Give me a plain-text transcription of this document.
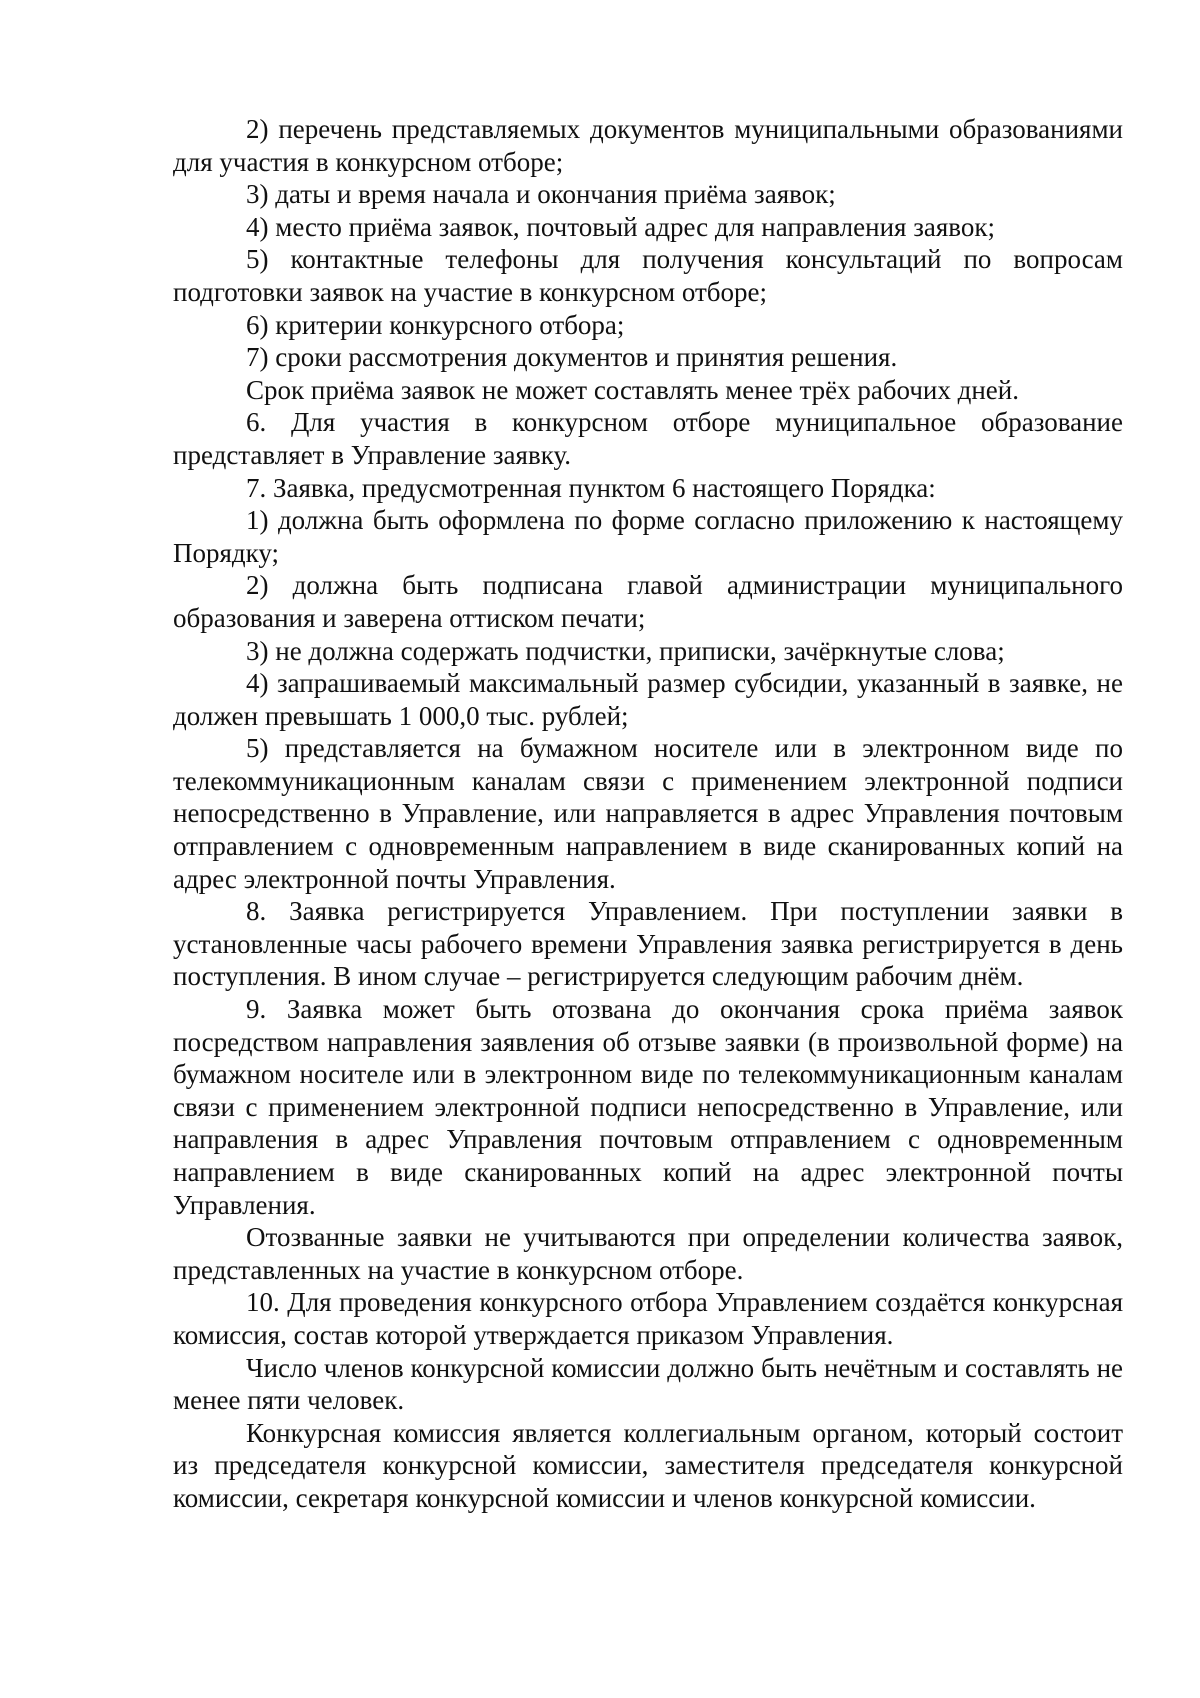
2) перечень представляемых документов муниципальными образованиями для участия в конкурсном отборе;

3) даты и время начала и окончания приёма заявок;

4) место приёма заявок, почтовый адрес для направления заявок;

5) контактные телефоны для получения консультаций по вопросам подготовки заявок на участие в конкурсном отборе;

6) критерии конкурсного отбора;

7) сроки рассмотрения документов и принятия решения.

Срок приёма заявок не может составлять менее трёх рабочих дней.

6. Для участия в конкурсном отборе муниципальное образование представляет в Управление заявку.

7. Заявка, предусмотренная пунктом 6 настоящего Порядка:

1) должна быть оформлена по форме согласно приложению к настоящему Порядку;

2) должна быть подписана главой администрации муниципального образования и заверена оттиском печати;

3) не должна содержать подчистки, приписки, зачёркнутые слова;

4) запрашиваемый максимальный размер субсидии, указанный в заявке, не должен превышать 1 000,0 тыс. рублей;

5) представляется на бумажном носителе или в электронном виде по телекоммуникационным каналам связи с применением электронной подписи непосредственно в Управление, или направляется в адрес Управления почтовым отправлением с одновременным направлением в виде сканированных копий на адрес электронной почты Управления.

8. Заявка регистрируется Управлением. При поступлении заявки в установленные часы рабочего времени Управления заявка регистрируется в день поступления. В ином случае – регистрируется следующим рабочим днём.

9. Заявка может быть отозвана до окончания срока приёма заявок посредством направления заявления об отзыве заявки (в произвольной форме) на бумажном носителе или в электронном виде по телекоммуникационным каналам связи с применением электронной подписи непосредственно в Управление, или направления в адрес Управления почтовым отправлением с одновременным направлением в виде сканированных копий на адрес электронной почты Управления.

Отозванные заявки не учитываются при определении количества заявок, представленных на участие в конкурсном отборе.

10. Для проведения конкурсного отбора Управлением создаётся конкурсная комиссия, состав которой утверждается приказом Управления.

Число членов конкурсной комиссии должно быть нечётным и составлять не менее пяти человек.

Конкурсная комиссия является коллегиальным органом, который состоит из председателя конкурсной комиссии, заместителя председателя конкурсной комиссии, секретаря конкурсной комиссии и членов конкурсной комиссии.
